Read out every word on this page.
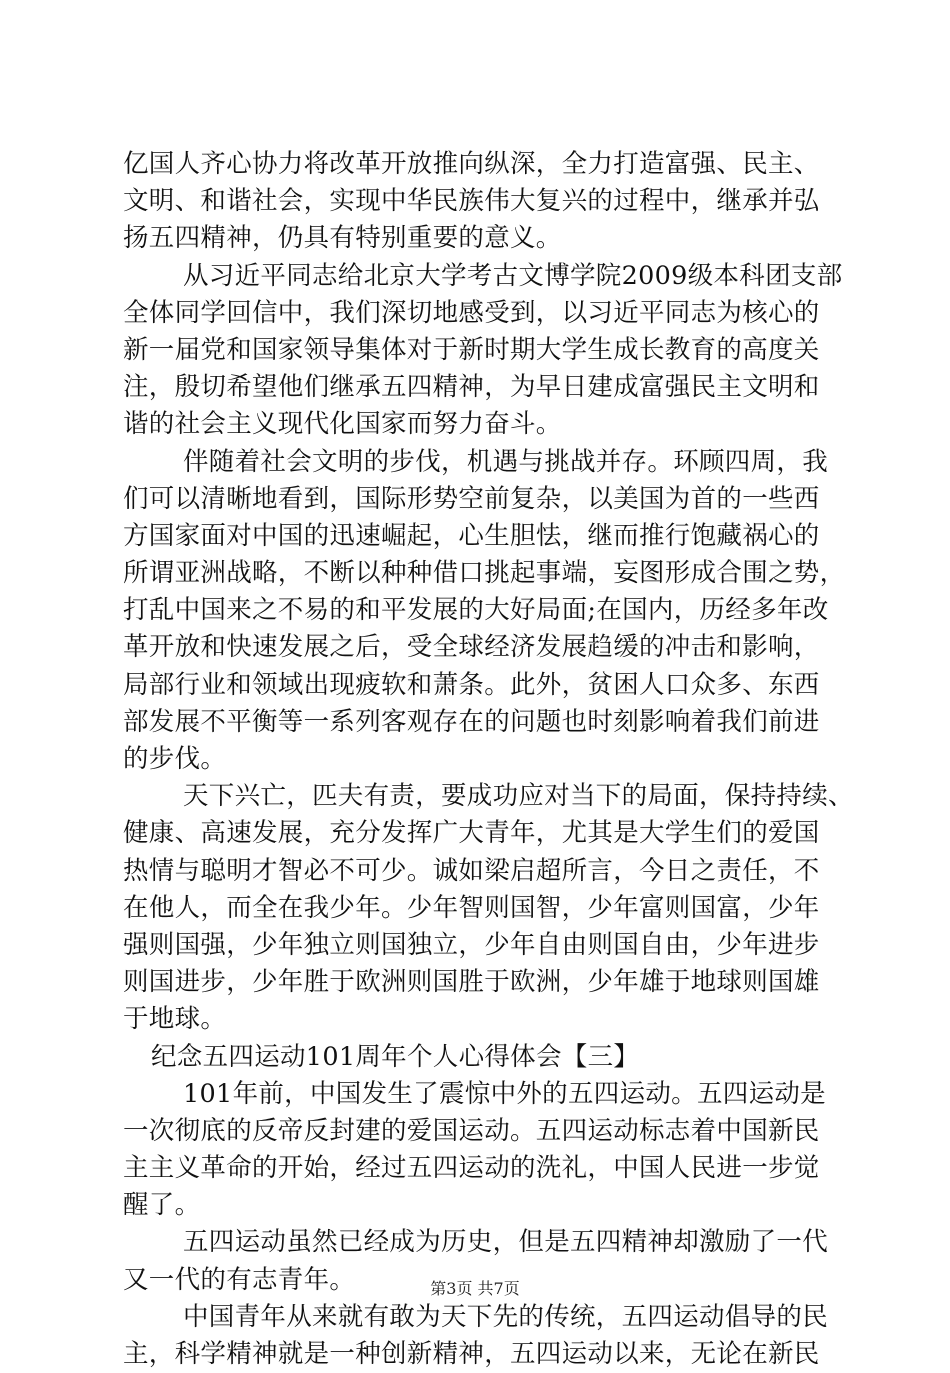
亿国人齐心协力将改革开放推向纵深，全力打造富强、民主、
文明、和谐社会，实现中华民族伟大复兴的过程中，继承并弘
扬五四精神，仍具有特别重要的意义。
从习近平同志给北京大学考古文博学院2009级本科团支部
全体同学回信中，我们深切地感受到，以习近平同志为核心的
新一届党和国家领导集体对于新时期大学生成长教育的高度关
注，殷切希望他们继承五四精神，为早日建成富强民主文明和
谐的社会主义现代化国家而努力奋斗。
伴随着社会文明的步伐，机遇与挑战并存。环顾四周，我
们可以清晰地看到，国际形势空前复杂，以美国为首的一些西
方国家面对中国的迅速崛起，心生胆怯，继而推行饱藏祸心的
所谓亚洲战略，不断以种种借口挑起事端，妄图形成合围之势，
打乱中国来之不易的和平发展的大好局面;在国内，历经多年改
革开放和快速发展之后，受全球经济发展趋缓的冲击和影响，
局部行业和领域出现疲软和萧条。此外，贫困人口众多、东西
部发展不平衡等一系列客观存在的问题也时刻影响着我们前进
的步伐。
天下兴亡，匹夫有责，要成功应对当下的局面，保持持续、
健康、高速发展，充分发挥广大青年，尤其是大学生们的爱国
热情与聪明才智必不可少。诚如梁启超所言，今日之责任，不
在他人，而全在我少年。少年智则国智，少年富则国富，少年
强则国强，少年独立则国独立，少年自由则国自由，少年进步
则国进步，少年胜于欧洲则国胜于欧洲，少年雄于地球则国雄
于地球。
纪念五四运动101周年个人心得体会【三】
101年前，中国发生了震惊中外的五四运动。五四运动是
一次彻底的反帝反封建的爱国运动。五四运动标志着中国新民
主主义革命的开始，经过五四运动的洗礼，中国人民进一步觉
醒了。
五四运动虽然已经成为历史，但是五四精神却激励了一代
又一代的有志青年。
中国青年从来就有敢为天下先的传统，五四运动倡导的民
主，科学精神就是一种创新精神，五四运动以来，无论在新民
第3页 共7页
